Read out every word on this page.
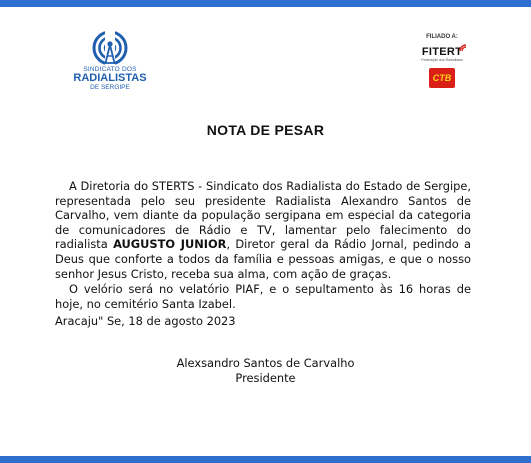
SINDICATO DOS
RADIALISTAS
DE SERGIPE
FILIADO A:
FITERT
Federação dos Radialistas
CTB
NOTA DE PESAR
A Diretoria do STERTS - Sindicato dos Radialista do Estado de Sergipe, representada pelo seu presidente Radialista Alexandro Santos de Carvalho, vem diante da população sergipana em especial da categoria de comunicadores de Rádio e TV, lamentar pelo falecimento do radialista AUGUSTO JUNIOR, Diretor geral da Rádio Jornal, pedindo a Deus que conforte a todos da família e pessoas amigas, e que o nosso senhor Jesus Cristo, receba sua alma, com ação de graças.
O velório será no velatório PIAF, e o sepultamento às 16 horas de hoje, no cemitério Santa Izabel.
Aracaju" Se, 18 de agosto 2023
Alexsandro Santos de Carvalho
Presidente
